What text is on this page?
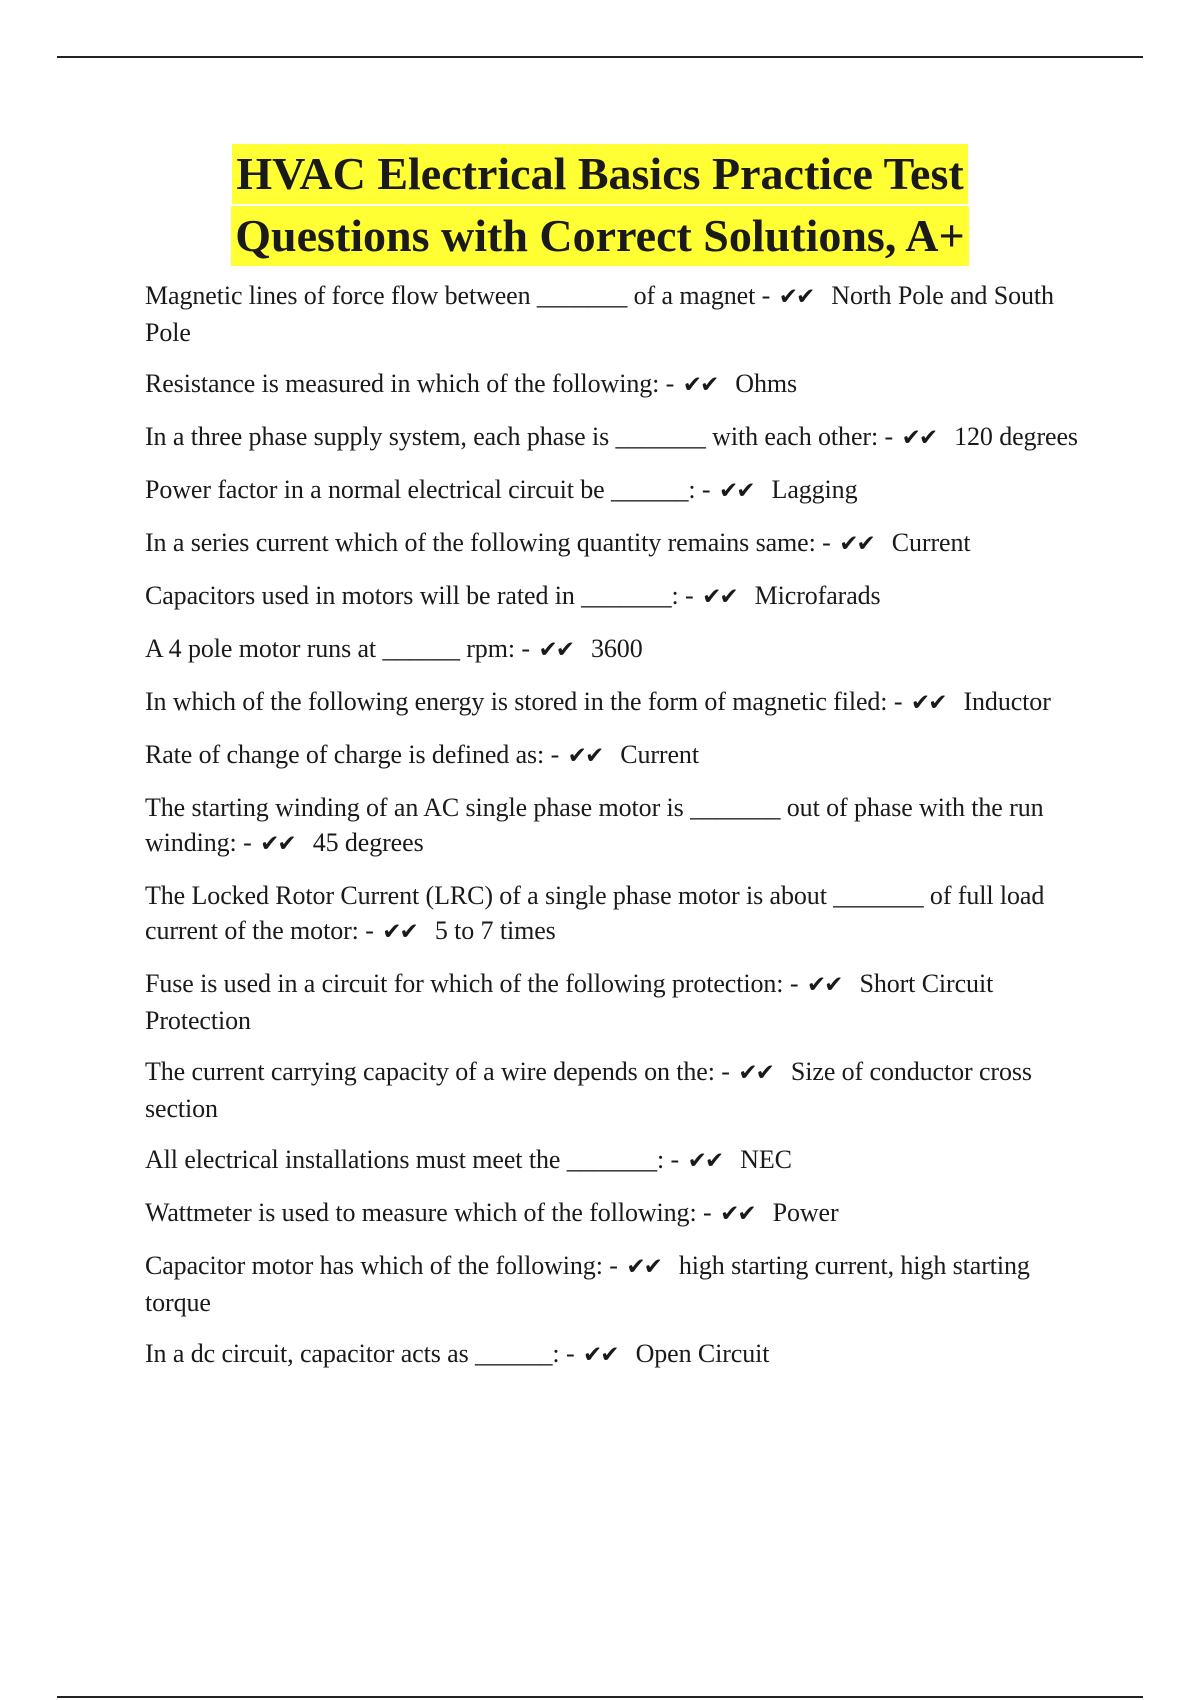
HVAC Electrical Basics Practice Test
Questions with Correct Solutions, A+
Magnetic lines of force flow between _______ of a magnet - ✔✔ North Pole and South Pole
Resistance is measured in which of the following: - ✔✔ Ohms
In a three phase supply system, each phase is _______ with each other: - ✔✔ 120 degrees
Power factor in a normal electrical circuit be ______: - ✔✔ Lagging
In a series current which of the following quantity remains same: - ✔✔ Current
Capacitors used in motors will be rated in _______: - ✔✔ Microfarads
A 4 pole motor runs at ______ rpm: - ✔✔ 3600
In which of the following energy is stored in the form of magnetic filed: - ✔✔ Inductor
Rate of change of charge is defined as: - ✔✔ Current
The starting winding of an AC single phase motor is _______ out of phase with the run winding: - ✔✔ 45 degrees
The Locked Rotor Current (LRC) of a single phase motor is about _______ of full load current of the motor: - ✔✔ 5 to 7 times
Fuse is used in a circuit for which of the following protection: - ✔✔ Short Circuit Protection
The current carrying capacity of a wire depends on the: - ✔✔ Size of conductor cross section
All electrical installations must meet the _______: - ✔✔ NEC
Wattmeter is used to measure which of the following: - ✔✔ Power
Capacitor motor has which of the following: - ✔✔ high starting current, high starting torque
In a dc circuit, capacitor acts as ______: - ✔✔ Open Circuit
